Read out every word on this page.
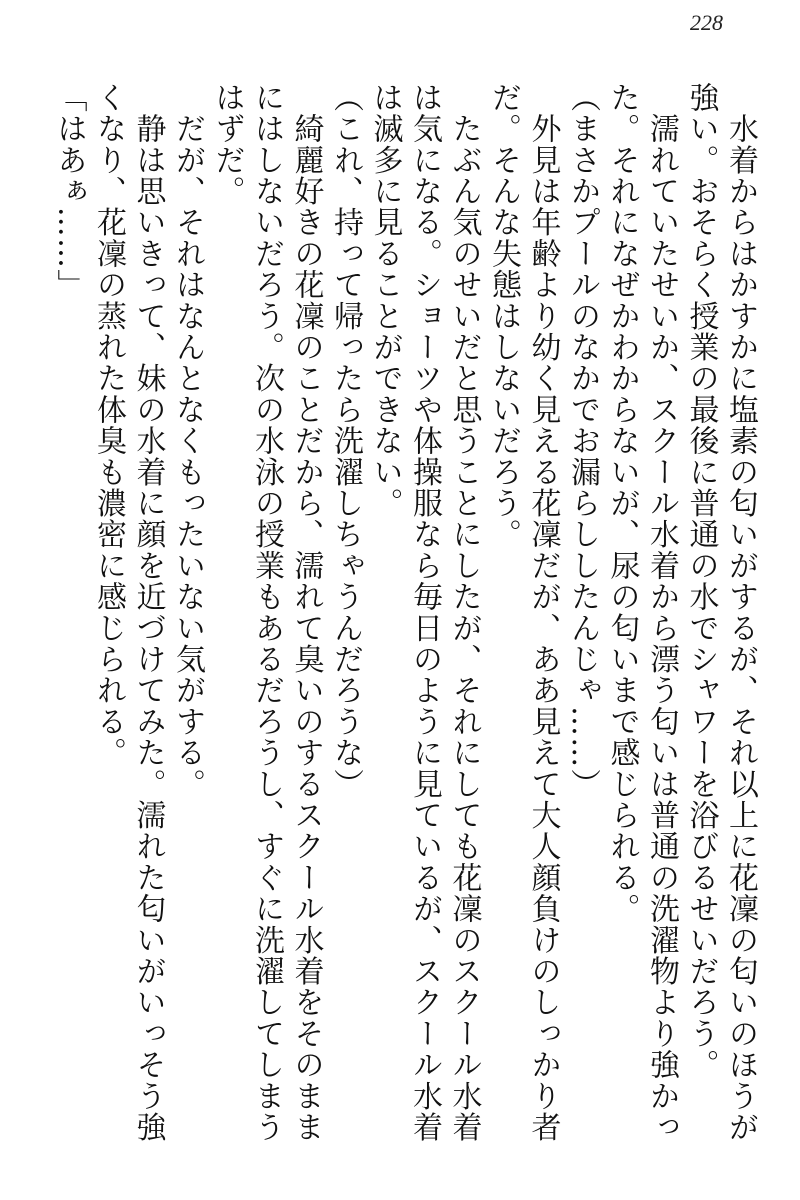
228

　水着からはかすかに塩素の匂いがするが、それ以上に花凜の匂いのほうが強い。おそらく授業の最後に普通の水でシャワーを浴びるせいだろう。

　濡れていたせいか、スクール水着から漂う匂いは普通の洗濯物より強かった。それになぜかわからないが、尿の匂いまで感じられる。

（まさかプールのなかでお漏らししたんじゃ……）

　外見は年齢より幼く見える花凜だが、ああ見えて大人顔負けのしっかり者だ。そんな失態はしないだろう。

　たぶん気のせいだと思うことにしたが、それにしても花凜のスクール水着は気になる。ショーツや体操服なら毎日のように見ているが、スクール水着は滅多に見ることができない。

（これ、持って帰ったら洗濯しちゃうんだろうな）

　綺麗好きの花凜のことだから、濡れて臭いのするスクール水着をそのままにはしないだろう。次の水泳の授業もあるだろうし、すぐに洗濯してしまうはずだ。

　だが、それはなんとなくもったいない気がする。

　静は思いきって、妹の水着に顔を近づけてみた。濡れた匂いがいっそう強くなり、花凜の蒸れた体臭も濃密に感じられる。

「はあぁ……」
